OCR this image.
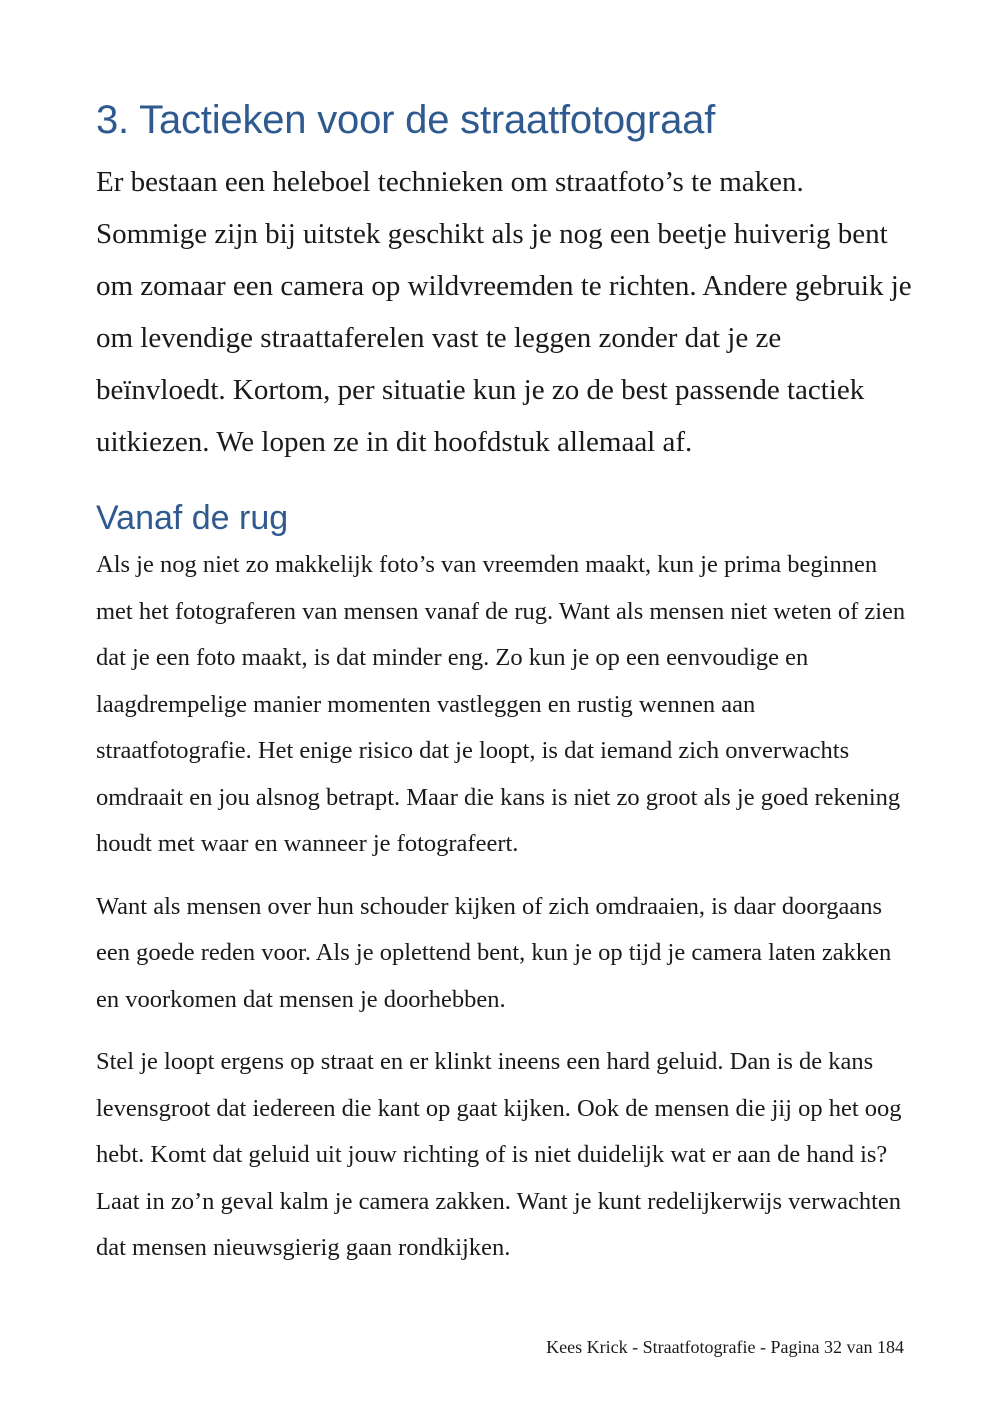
3. Tactieken voor de straatfotograaf

Er bestaan een heleboel technieken om straatfoto’s te maken. Sommige zijn bij uitstek geschikt als je nog een beetje huiverig bent om zomaar een camera op wildvreemden te richten. Andere gebruik je om levendige straattaferelen vast te leggen zonder dat je ze beïnvloedt. Kortom, per situatie kun je zo de best passende tactiek uitkiezen. We lopen ze in dit hoofdstuk allemaal af.

Vanaf de rug

Als je nog niet zo makkelijk foto’s van vreemden maakt, kun je prima beginnen met het fotograferen van mensen vanaf de rug. Want als mensen niet weten of zien dat je een foto maakt, is dat minder eng. Zo kun je op een eenvoudige en laagdrempelige manier momenten vastleggen en rustig wennen aan straatfotografie. Het enige risico dat je loopt, is dat iemand zich onverwachts omdraait en jou alsnog betrapt. Maar die kans is niet zo groot als je goed rekening houdt met waar en wanneer je fotografeert.

Want als mensen over hun schouder kijken of zich omdraaien, is daar doorgaans een goede reden voor. Als je oplettend bent, kun je op tijd je camera laten zakken en voorkomen dat mensen je doorhebben.

Stel je loopt ergens op straat en er klinkt ineens een hard geluid. Dan is de kans levensgroot dat iedereen die kant op gaat kijken. Ook de mensen die jij op het oog hebt. Komt dat geluid uit jouw richting of is niet duidelijk wat er aan de hand is? Laat in zo’n geval kalm je camera zakken. Want je kunt redelijkerwijs verwachten dat mensen nieuwsgierig gaan rondkijken.

Kees Krick - Straatfotografie - Pagina 32 van 184
